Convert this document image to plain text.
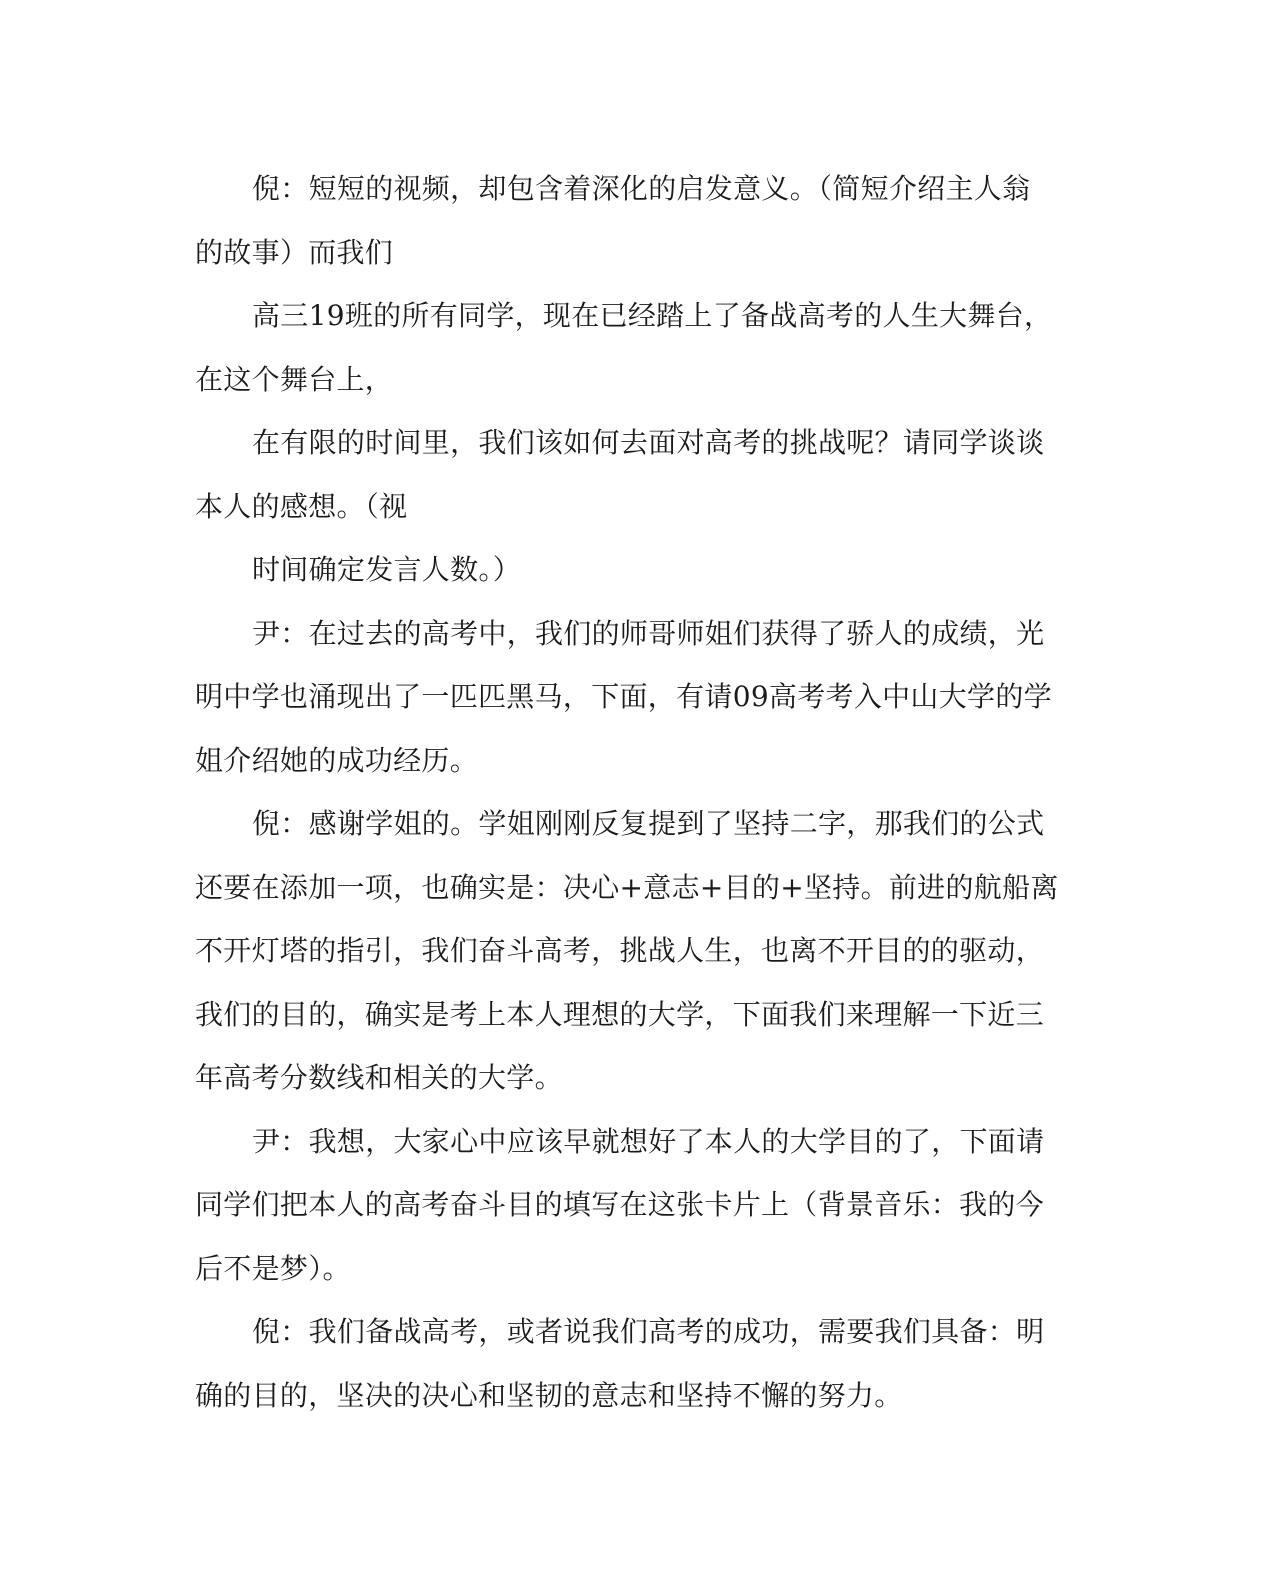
倪：短短的视频，却包含着深化的启发意义。（简短介绍主人翁
的故事）而我们
高三19班的所有同学，现在已经踏上了备战高考的人生大舞台，
在这个舞台上，
在有限的时间里，我们该如何去面对高考的挑战呢？请同学谈谈
本人的感想。（视
时间确定发言人数。）
尹：在过去的高考中，我们的师哥师姐们获得了骄人的成绩，光
明中学也涌现出了一匹匹黑马，下面，有请09高考考入中山大学的学
姐介绍她的成功经历。
倪：感谢学姐的。学姐刚刚反复提到了坚持二字，那我们的公式
还要在添加一项，也确实是：决心+意志+目的+坚持。前进的航船离
不开灯塔的指引，我们奋斗高考，挑战人生，也离不开目的的驱动，
我们的目的，确实是考上本人理想的大学，下面我们来理解一下近三
年高考分数线和相关的大学。
尹：我想，大家心中应该早就想好了本人的大学目的了，下面请
同学们把本人的高考奋斗目的填写在这张卡片上（背景音乐：我的今
后不是梦）。
倪：我们备战高考，或者说我们高考的成功，需要我们具备：明
确的目的，坚决的决心和坚韧的意志和坚持不懈的努力。
